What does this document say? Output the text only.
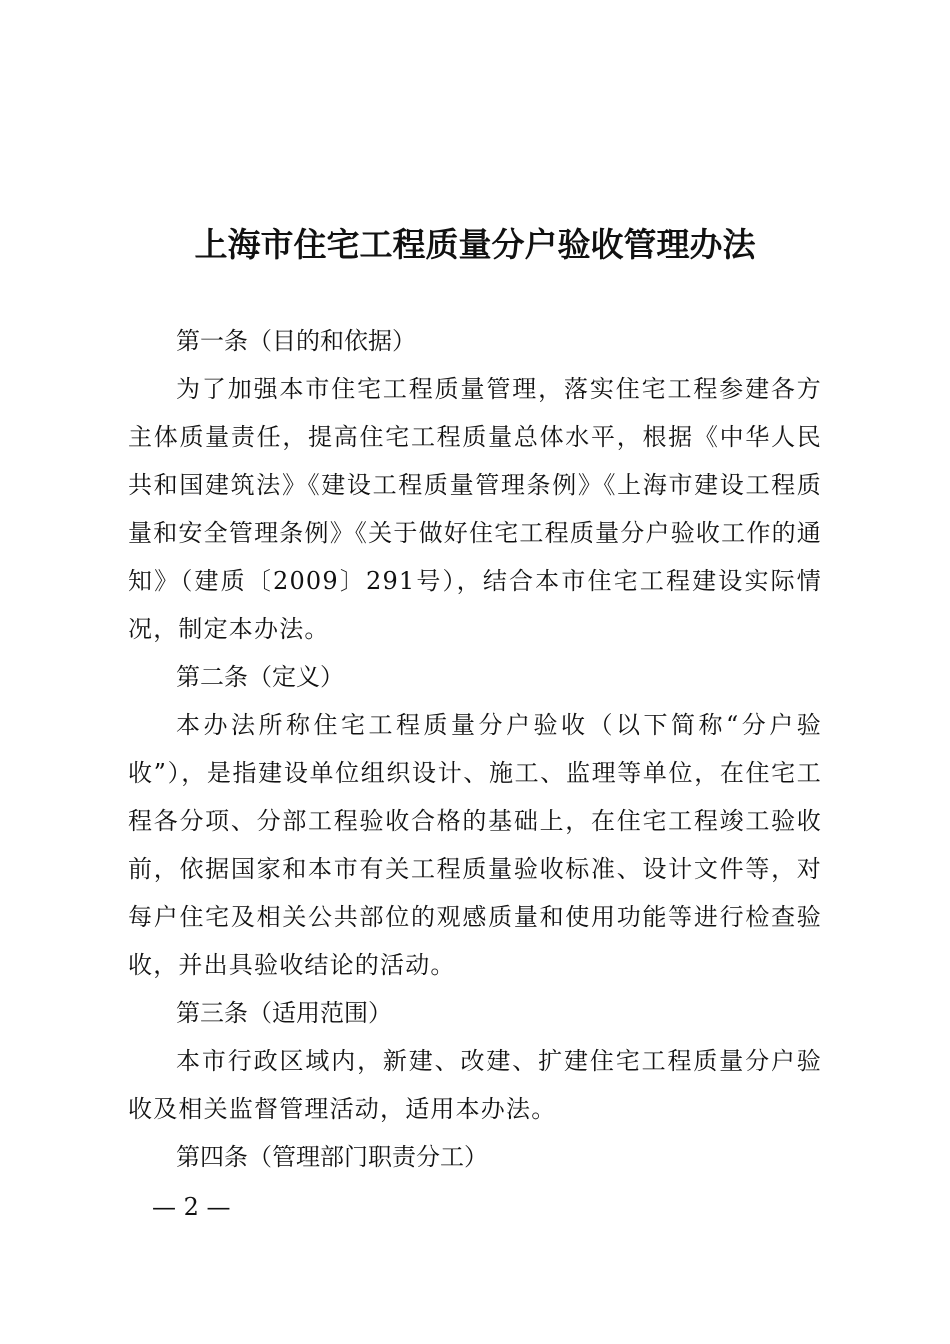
上海市住宅工程质量分户验收管理办法
第一条（目的和依据）

为了加强本市住宅工程质量管理，落实住宅工程参建各方主体质量责任，提高住宅工程质量总体水平，根据《中华人民共和国建筑法》《建设工程质量管理条例》《上海市建设工程质量和安全管理条例》《关于做好住宅工程质量分户验收工作的通知》（建质〔2009〕291号），结合本市住宅工程建设实际情况，制定本办法。

第二条（定义）

本办法所称住宅工程质量分户验收（以下简称“分户验收”），是指建设单位组织设计、施工、监理等单位，在住宅工程各分项、分部工程验收合格的基础上，在住宅工程竣工验收前，依据国家和本市有关工程质量验收标准、设计文件等，对每户住宅及相关公共部位的观感质量和使用功能等进行检查验收，并出具验收结论的活动。

第三条（适用范围）

本市行政区域内，新建、改建、扩建住宅工程质量分户验收及相关监督管理活动，适用本办法。

第四条（管理部门职责分工）
— 2 —
